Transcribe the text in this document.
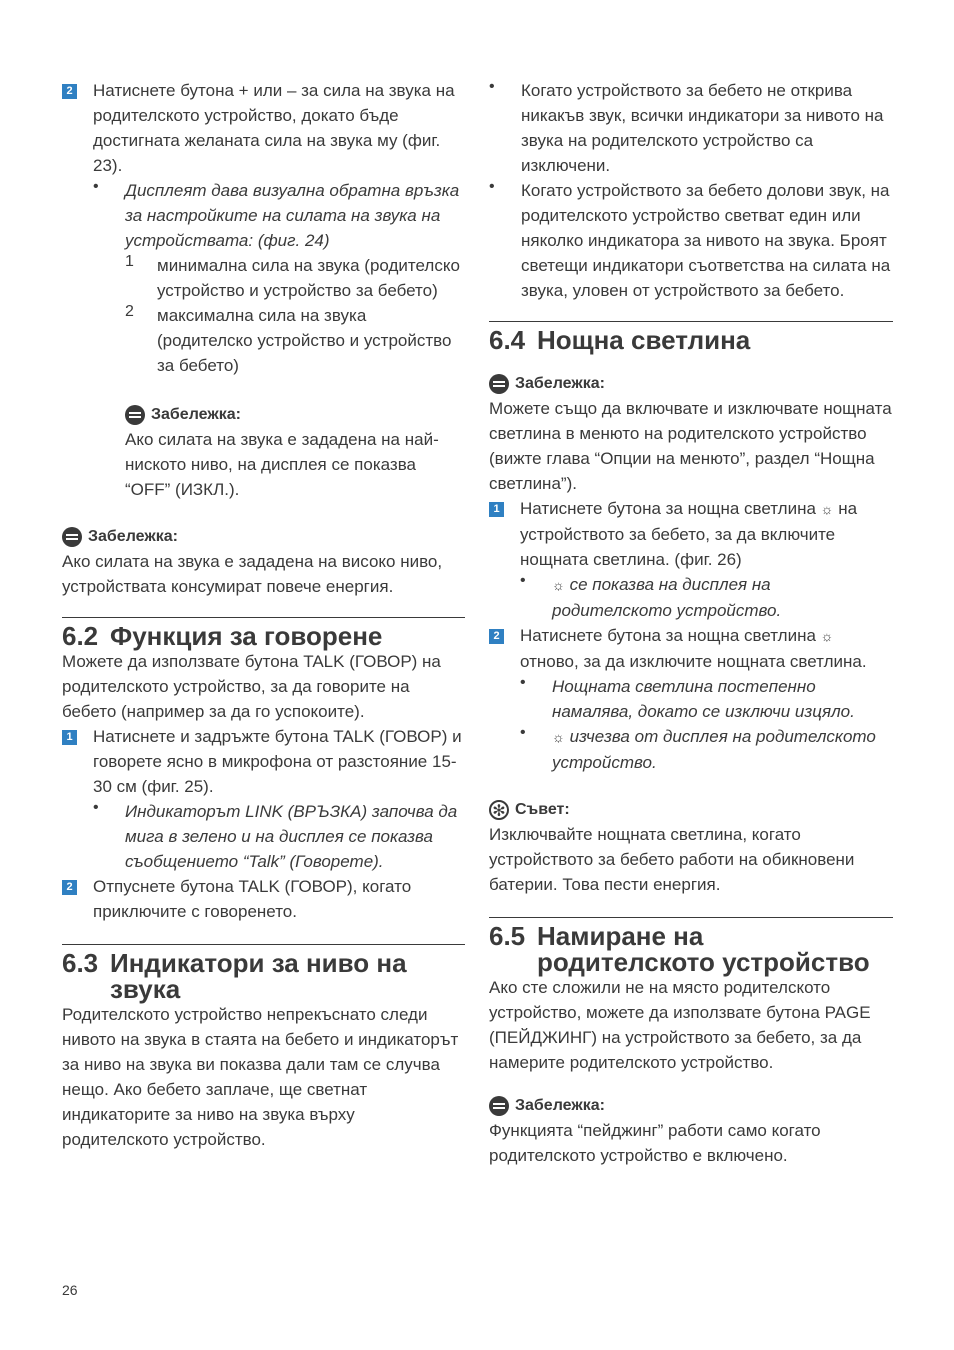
2 Натиснете бутона + или – за сила на звука на родителското устройство, докато бъде достигната желаната сила на звука му (фиг. 23).

• Дисплеят дава визуална обратна връзка за настройките на силата на звука на устройствата: (фиг. 24)

1 минимална сила на звука (родителско устройство и устройство за бебето)

2 максимална сила на звука (родителско устройство и устройство за бебето)

Забележка:

Ако силата на звука е зададена на най-ниското ниво, на дисплея се показва “OFF” (ИЗКЛ.).

Забележка:

Ако силата на звука е зададена на високо ниво, устройствата консумират повече енергия.

6.2 Функция за говорене

Можете да използвате бутона TALK (ГОВОР) на родителското устройство, за да говорите на бебето (например за да го успокоите).

1 Натиснете и задръжте бутона TALK (ГОВОР) и говорете ясно в микрофона от разстояние 15-30 см (фиг. 25).

• Индикаторът LINK (ВРЪЗКА) започва да мига в зелено и на дисплея се показва съобщението “Talk” (Говорете).

2 Отпуснете бутона TALK (ГОВОР), когато приключите с говоренето.

6.3 Индикатори за ниво на
звука

Родителското устройство непрекъснато следи нивото на звука в стаята на бебето и индикаторът за ниво на звука ви показва дали там се случва нещо. Ако бебето заплаче, ще светнат индикаторите за ниво на звука върху родителското устройство.

• Когато устройството за бебето не открива никакъв звук, всички индикатори за нивото на звука на родителското устройство са изключени.

• Когато устройството за бебето долови звук, на родителското устройство светват един или няколко индикатора за нивото на звука. Броят светещи индикатори съответства на силата на звука, уловен от устройството за бебето.

6.4 Нощна светлина
Забележка:

Можете също да включвате и изключвате нощната светлина в менюто на родителското устройство (вижте глава “Опции на менюто”, раздел “Нощна светлина”).

1 Натиснете бутона за нощна светлина ☼ на устройството за бебето, за да включите нощната светлина. (фиг. 26)

• ☼ се показва на дисплея на родителското устройство.

2 Натиснете бутона за нощна светлина ☼ отново, за да изключите нощната светлина.

• Нощната светлина постепенно намалява, докато се изключи изцяло.

• ☼ изчезва от дисплея на родителското устройство.

✻
Съвет:

Изключвайте нощната светлина, когато устройството за бебето работи на обикновени батерии. Това пести енергия.

6.5 Намиране на
родителското устройство

Ако сте сложили не на място родителското устройство, можете да използвате бутона PAGE (ПЕЙДЖИНГ) на устройството за бебето, за да намерите родителското устройство.

Забележка:

Функцията “пейджинг” работи само когато родителското устройство е включено.

26
